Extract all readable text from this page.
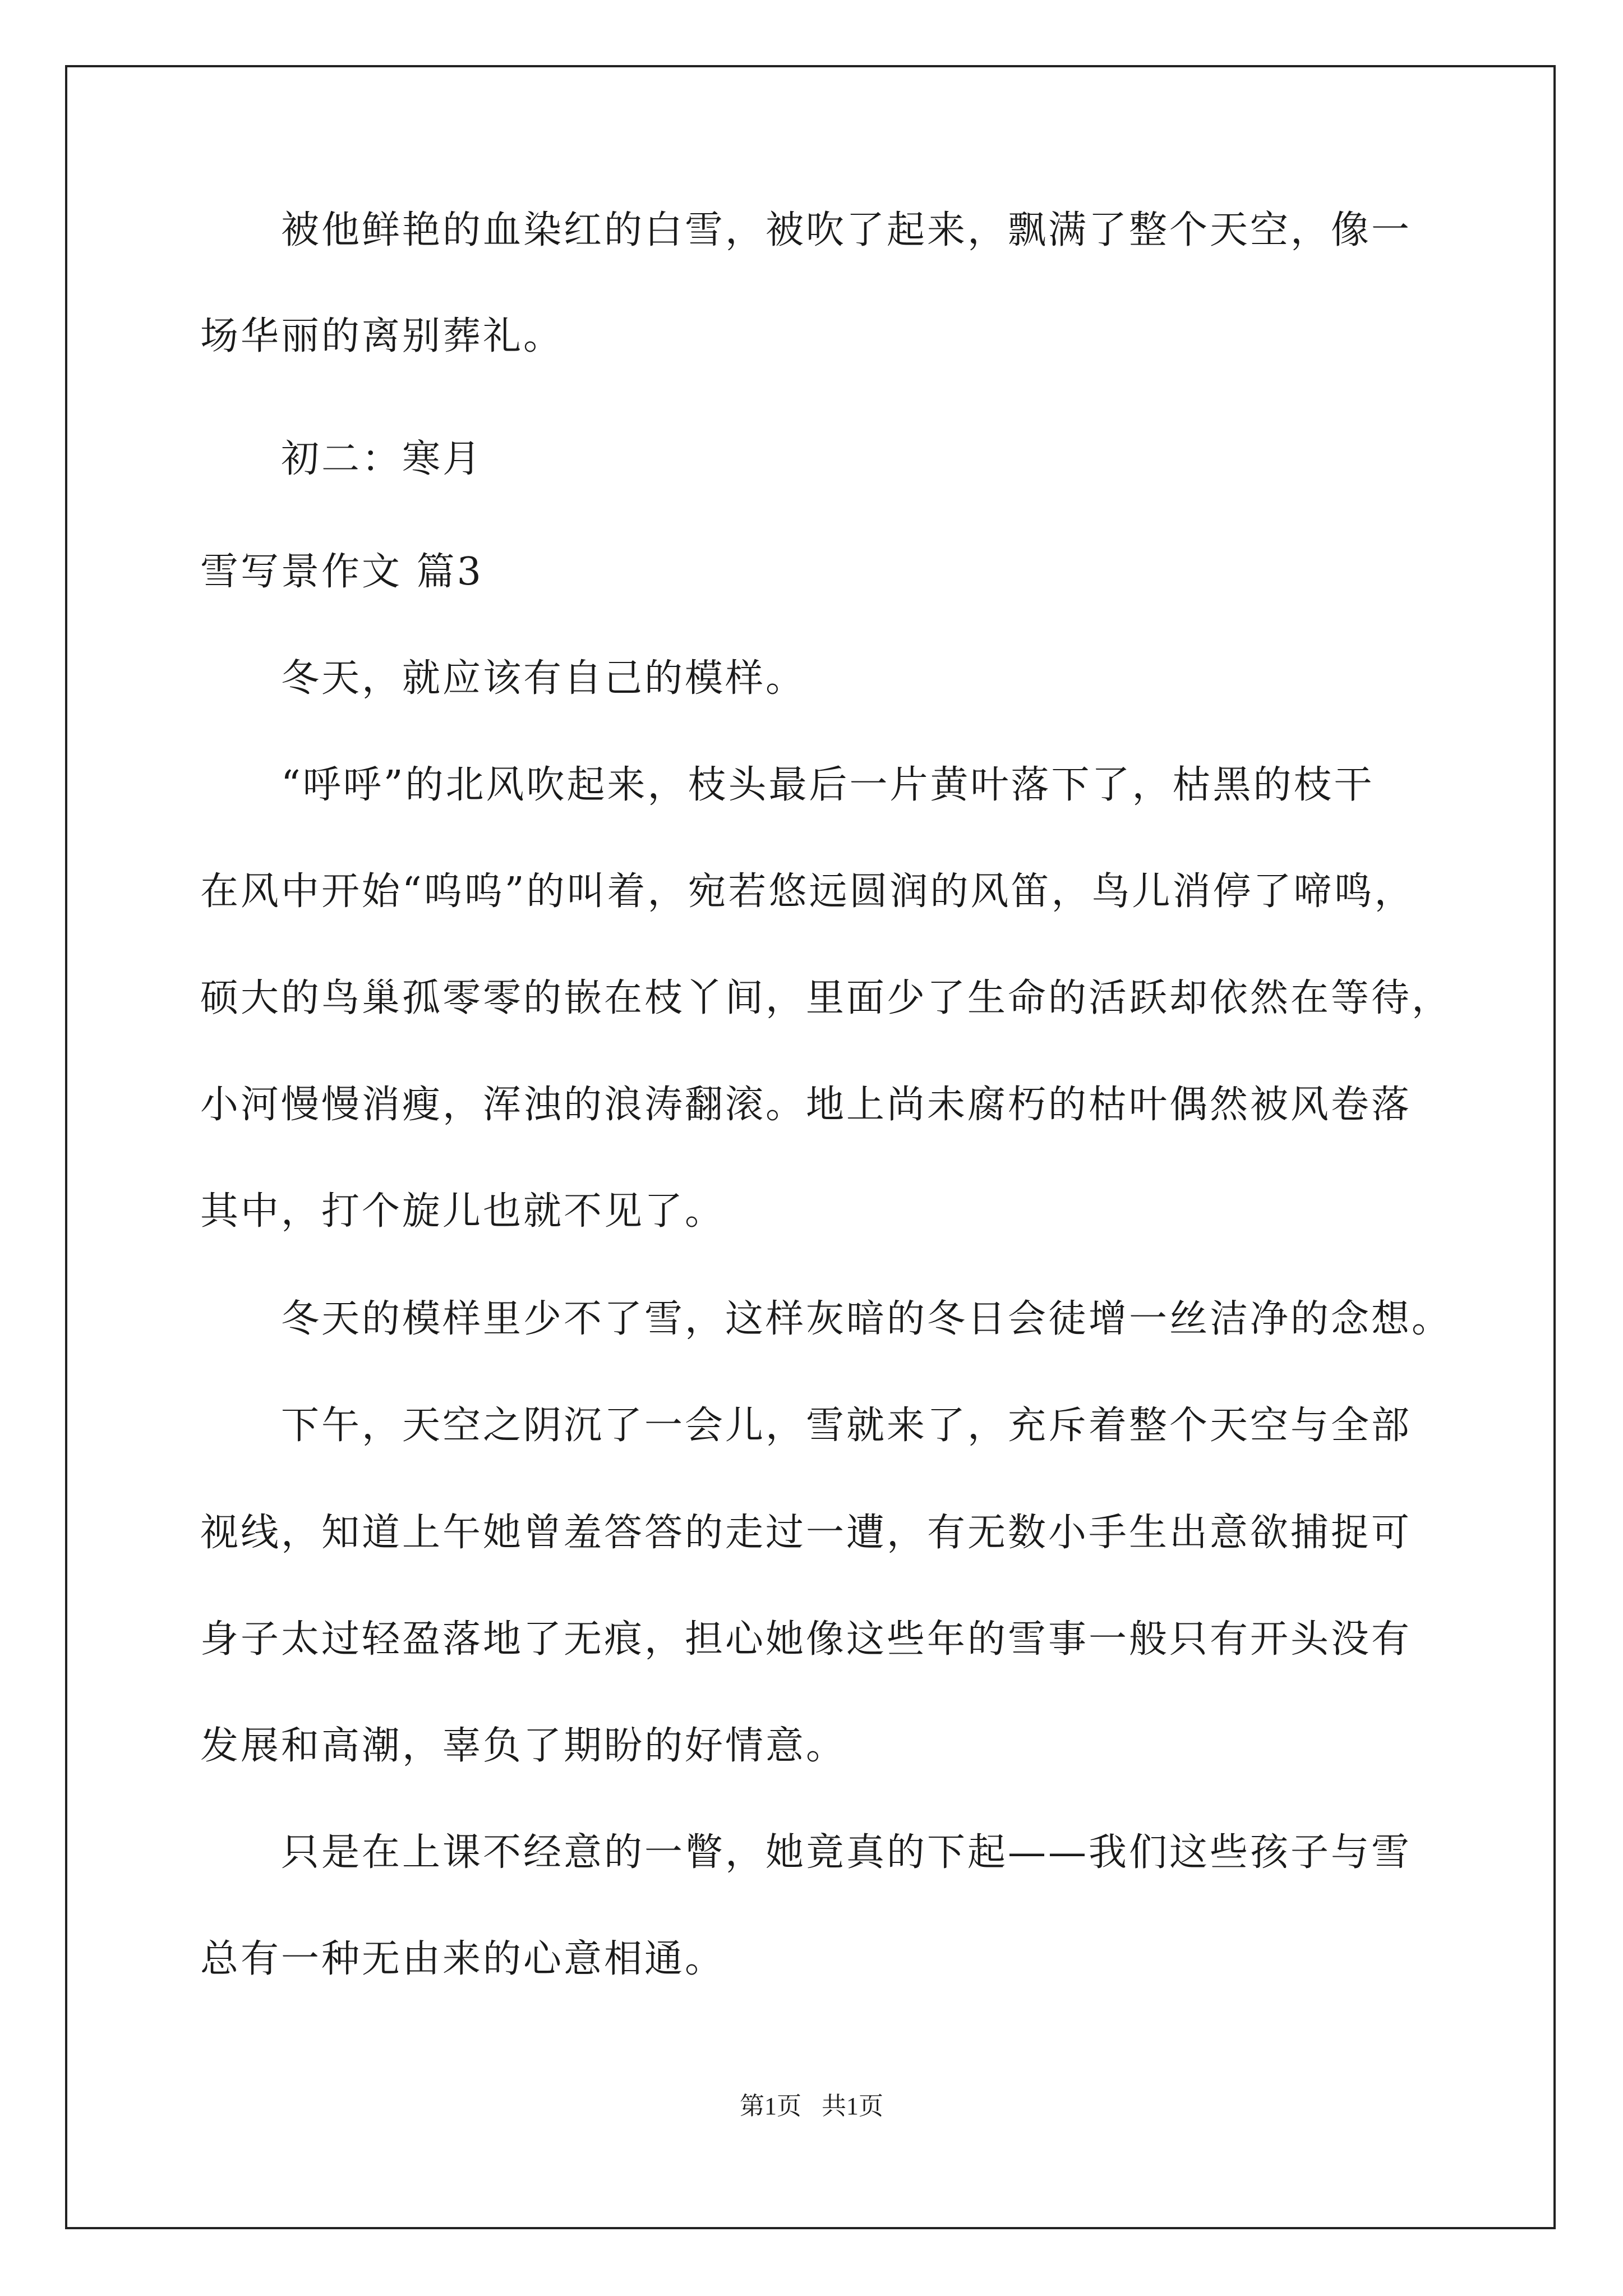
被他鲜艳的血染红的白雪，被吹了起来，飘满了整个天空，像一
场华丽的离别葬礼。
初二：寒月
雪写景作文 篇3
冬天，就应该有自己的模样。
“呼呼”的北风吹起来，枝头最后一片黄叶落下了，枯黑的枝干
在风中开始“呜呜”的叫着，宛若悠远圆润的风笛，鸟儿消停了啼鸣，
硕大的鸟巢孤零零的嵌在枝丫间，里面少了生命的活跃却依然在等待，
小河慢慢消瘦，浑浊的浪涛翻滚。地上尚未腐朽的枯叶偶然被风卷落
其中，打个旋儿也就不见了。
冬天的模样里少不了雪，这样灰暗的冬日会徒增一丝洁净的念想。
下午，天空之阴沉了一会儿，雪就来了，充斥着整个天空与全部
视线，知道上午她曾羞答答的走过一遭，有无数小手生出意欲捕捉可
身子太过轻盈落地了无痕，担心她像这些年的雪事一般只有开头没有
发展和高潮，辜负了期盼的好情意。
只是在上课不经意的一瞥，她竟真的下起——我们这些孩子与雪
总有一种无由来的心意相通。
第1页 共1页
